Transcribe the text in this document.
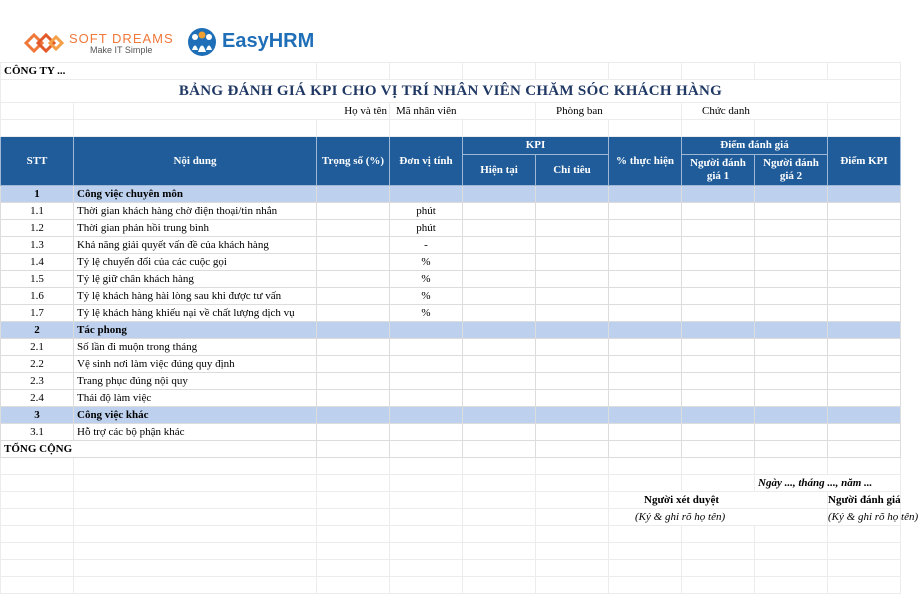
SOFT DREAMS
Make IT Simple	EasyHRM
CÔNG TY ...									
BẢNG ĐÁNH GIÁ KPI CHO VỊ TRÍ NHÂN VIÊN CHĂM SÓC KHÁCH HÀNG									
	Họ và tên		Mã nhân viên		Phòng ban		Chức danh		

STT	Nội dung	Trọng số (%)	Đơn vị tính	KPI		% thực hiện	Điểm đánh giá		Điểm KPI
				Hiện tại	Chỉ tiêu		Người đánh giá 1	Người đánh giá 2	
1	Công việc chuyên môn								
1.1	Thời gian khách hàng chờ điện thoại/tin nhắn		phút						
1.2	Thời gian phản hồi trung bình		phút						
1.3	Khả năng giải quyết vấn đề của khách hàng		-						
1.4	Tỷ lệ chuyển đổi của các cuộc gọi		%						
1.5	Tỷ lệ giữ chân khách hàng		%						
1.6	Tỷ lệ khách hàng hài lòng sau khi được tư vấn		%						
1.7	Tỷ lệ khách hàng khiếu nại về chất lượng dịch vụ		%						
2	Tác phong								
2.1	Số lần đi muộn trong tháng								
2.2	Vệ sinh nơi làm việc đúng quy định								
2.3	Trang phục đúng nội quy								
2.4	Thái độ làm việc								
3	Công việc khác								
3.1	Hỗ trợ các bộ phận khác								
TỔNG CỘNG									

								Ngày ..., tháng ..., năm ...	
						Người xét duyệt			Người đánh giá
						(Ký & ghi rõ họ tên)			(Ký & ghi rõ họ tên)
